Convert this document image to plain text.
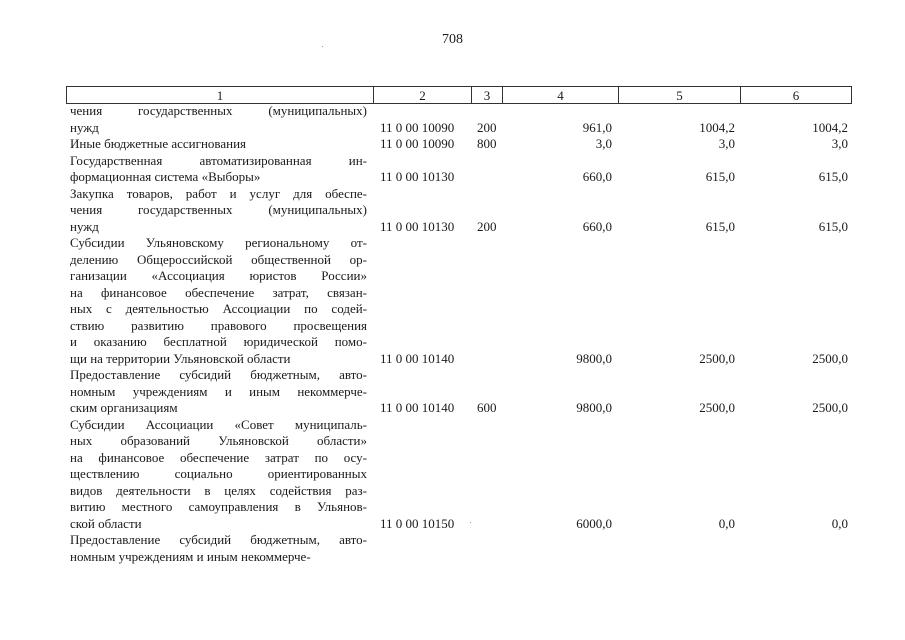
708
1	2	3	4	5	6
чения государственных (муниципальных)
нужд	11 0 00 10090 200	961,0	1004,2	1004,2
Иные бюджетные ассигнования	11 0 00 10090 800	3,0	3,0	3,0
Государственная автоматизированная ин-
формационная система «Выборы»	11 0 00 10130	660,0	615,0	615,0
Закупка товаров, работ и услуг для обеспе-
чения государственных (муниципальных)
нужд	11 0 00 10130 200	660,0	615,0	615,0
Субсидии Ульяновскому региональному от-
делению Общероссийской общественной ор-
ганизации «Ассоциация юристов России»
на финансовое обеспечение затрат, связан-
ных с деятельностью Ассоциации по содей-
ствию развитию правового просвещения
и оказанию бесплатной юридической помо-
щи на территории Ульяновской области	11 0 00 10140	9800,0	2500,0	2500,0
Предоставление субсидий бюджетным, авто-
номным учреждениям и иным некоммерче-
ским организациям	11 0 00 10140 600	9800,0	2500,0	2500,0
Субсидии Ассоциации «Совет муниципаль-
ных образований Ульяновской области»
на финансовое обеспечение затрат по осу-
ществлению социально ориентированных
видов деятельности в целях содействия раз-
витию местного самоуправления в Ульянов-
ской области	11 0 00 10150	6000,0	0,0	0,0
Предоставление субсидий бюджетным, авто-
номным учреждениям и иным некоммерче-
